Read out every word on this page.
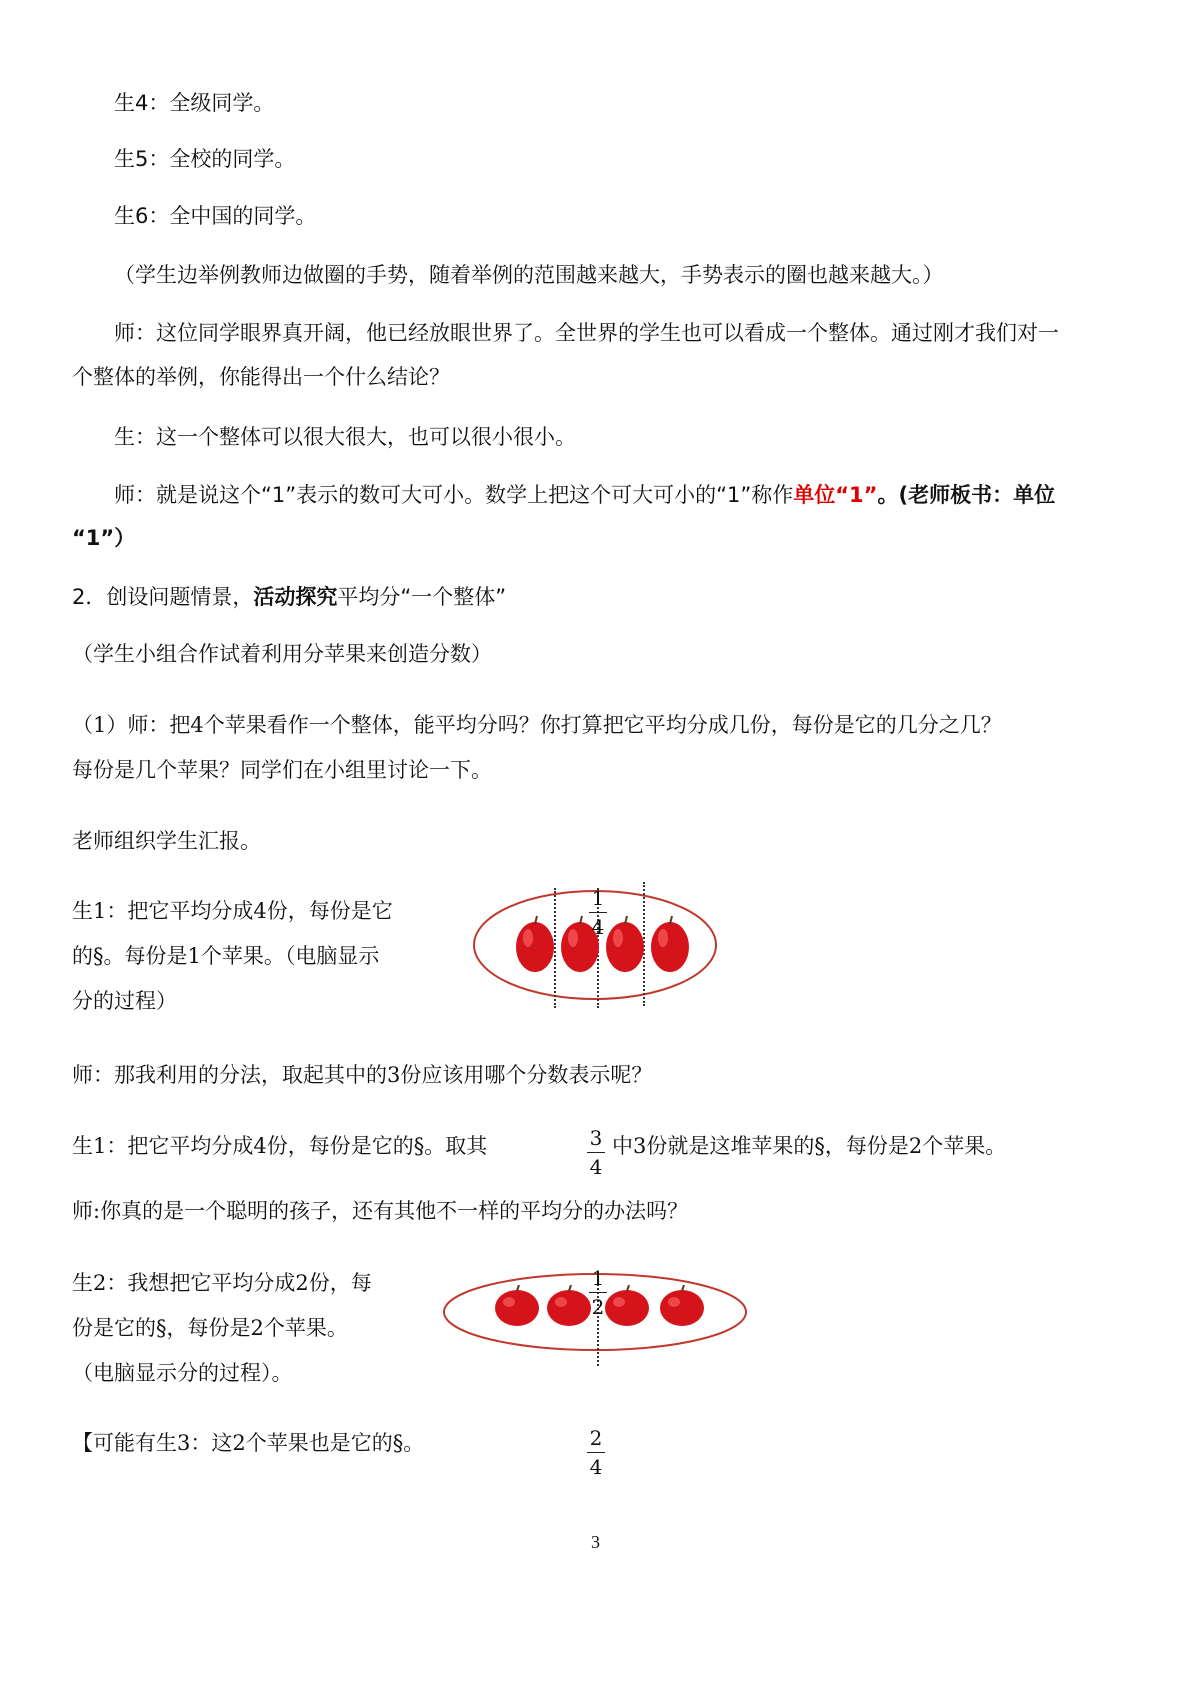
生4：全级同学。
生5：全校的同学。
生6：全中国的同学。
（学生边举例教师边做圈的手势，随着举例的范围越来越大，手势表示的圈也越来越大。）
师：这位同学眼界真开阔，他已经放眼世界了。全世界的学生也可以看成一个整体。通过刚才我们对一
个整体的举例，你能得出一个什么结论？
生：这一个整体可以很大很大，也可以很小很小。
师：就是说这个“1”表示的数可大可小。数学上把这个可大可小的“1”称作单位“1”。(老师板书：单位
“1”）
2．创设问题情景，活动探究平均分“一个整体”
（学生小组合作试着利用分苹果来创造分数）
（1）师：把4个苹果看作一个整体，能平均分吗？你打算把它平均分成几份，每份是它的几分之几？
每份是几个苹果？同学们在小组里讨论一下。
老师组织学生汇报。
生1：把它平均分成4份，每份是它
的§。每份是1个苹果。（电脑显示
分的过程）
1
4
师：那我利用的分法，取起其中的3份应该用哪个分数表示呢？
生1：把它平均分成4份，每份是它的§。取其	3
4
中3份就是这堆苹果的§，每份是2个苹果。
师:你真的是一个聪明的孩子，还有其他不一样的平均分的办法吗？
生2：我想把它平均分成2份，每
份是它的§，每份是2个苹果。
（电脑显示分的过程）。
1
2
【可能有生3：这2个苹果也是它的§。	2
4
3
